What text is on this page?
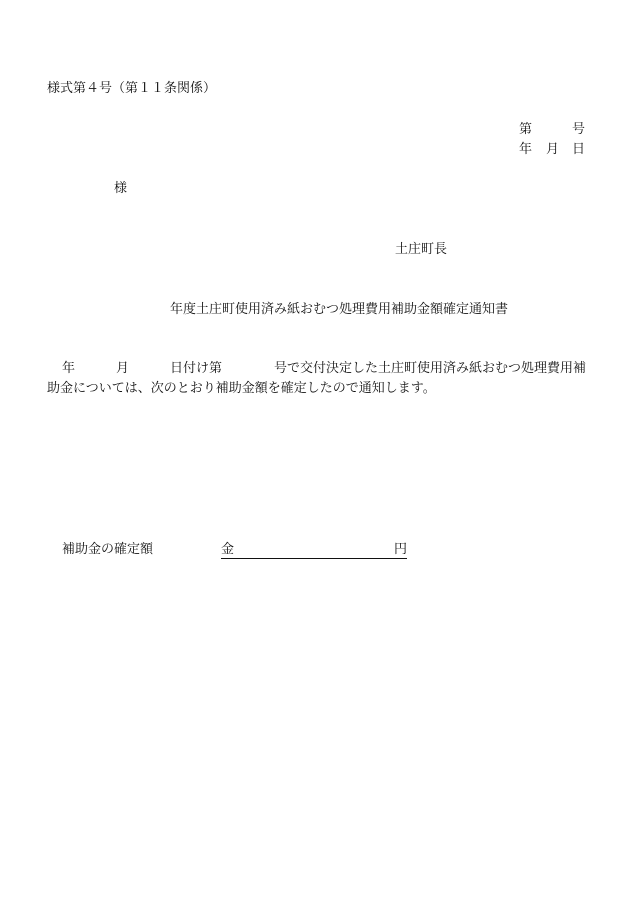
様式第４号（第１１条関係）
第	号
年 月 日
様
土庄町長
年度土庄町使用済み紙おむつ処理費用補助金額確定通知書
年	月	日付け第	号で交付決定した土庄町使用済み紙おむつ処理費用補
助金については、次のとおり補助金額を確定したので通知します。
補助金の確定額	金	円
